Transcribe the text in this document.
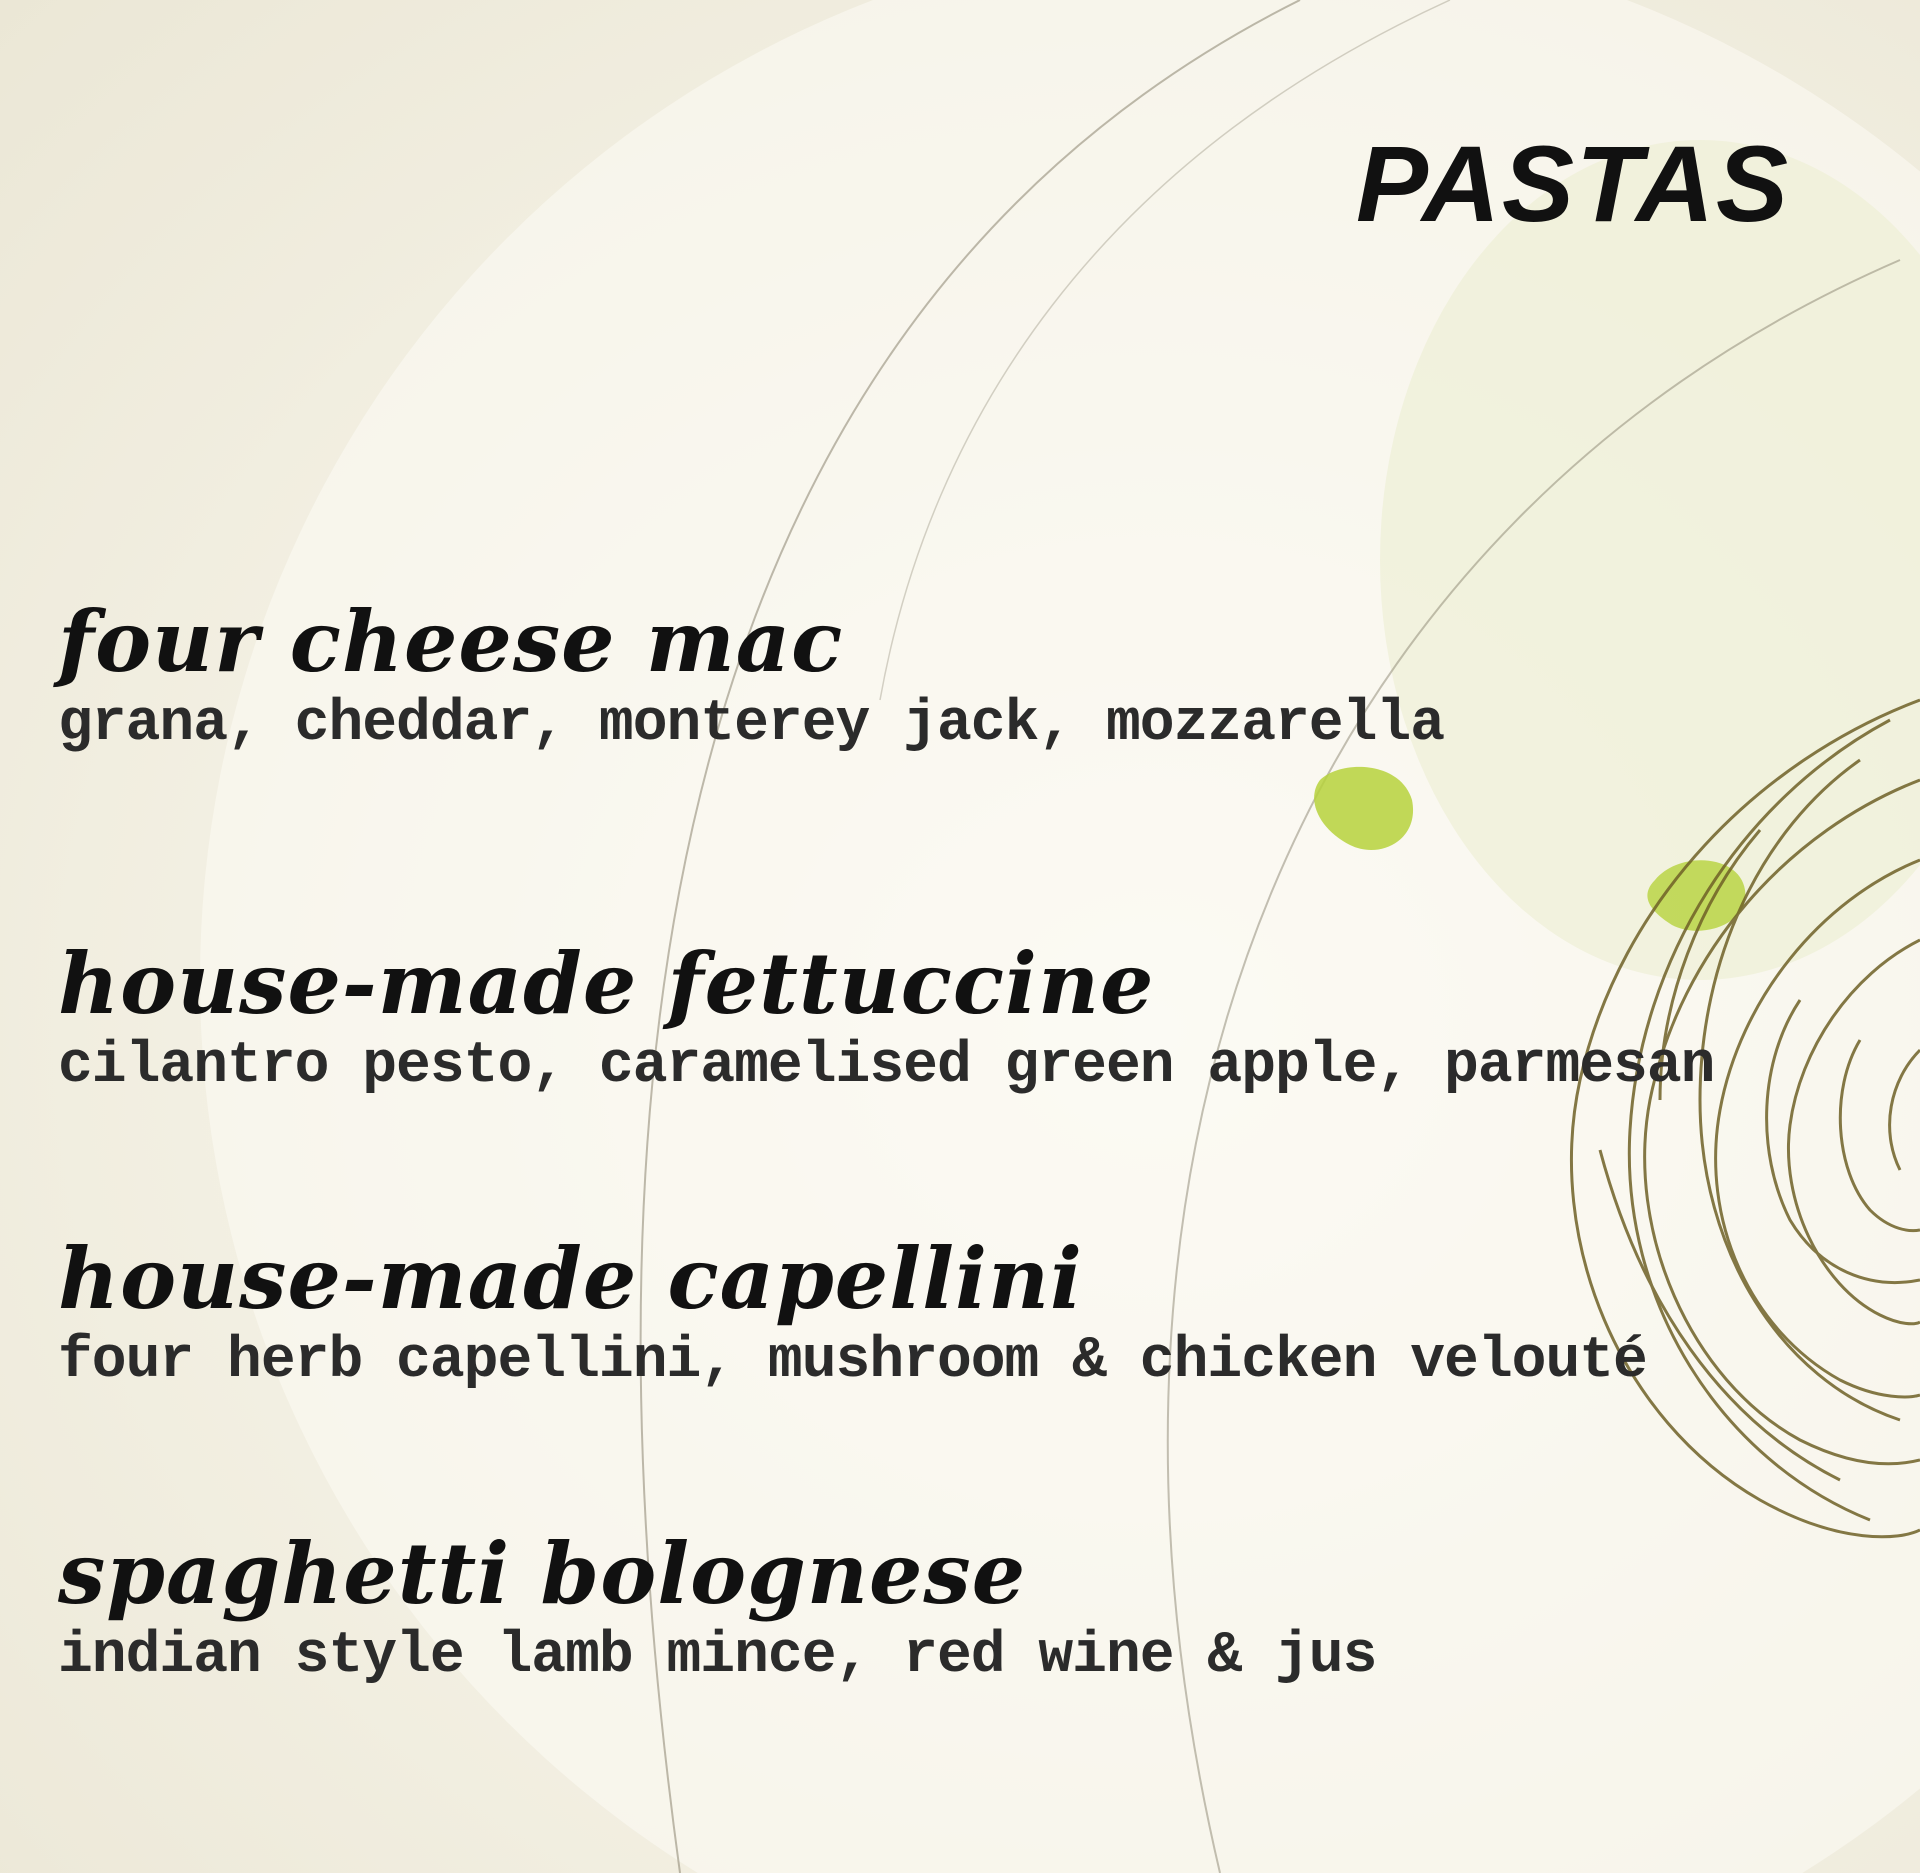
PASTAS
four cheese mac
grana, cheddar, monterey jack, mozzarella
house-made fettuccine
cilantro pesto, caramelised green apple, parmesan
house-made capellini
four herb capellini, mushroom & chicken velouté
spaghetti bolognese
indian style lamb mince, red wine & jus
